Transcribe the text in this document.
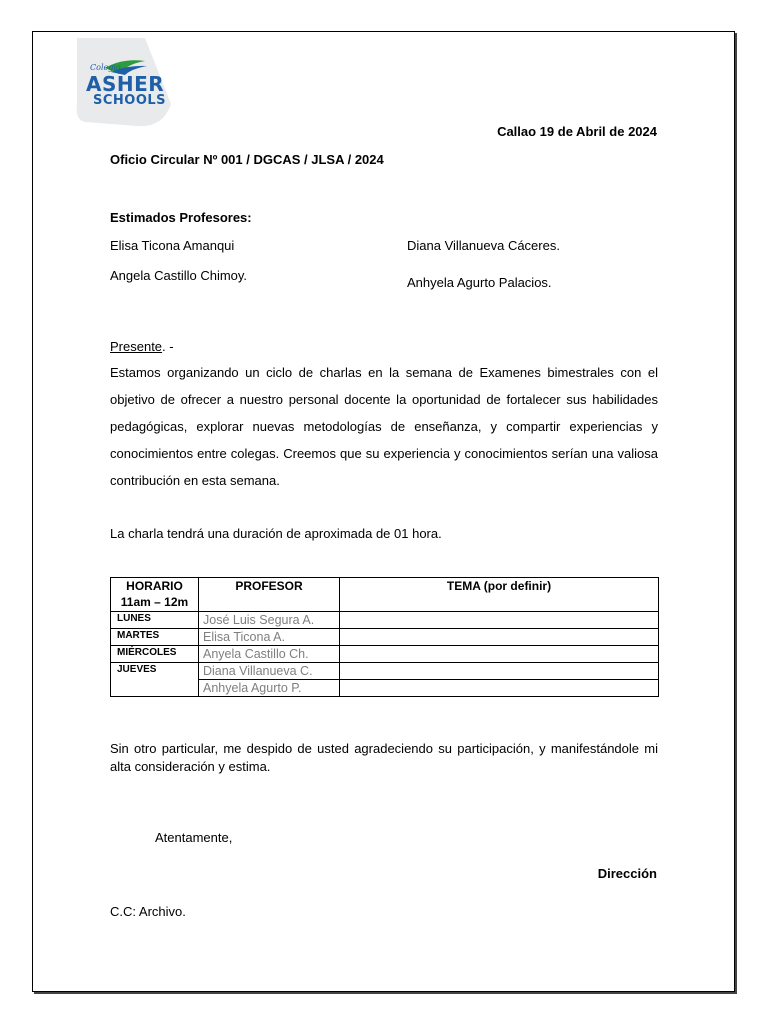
Colegio
ASHER
SCHOOLS
Callao 19 de Abril de 2024
Oficio Circular Nº 001 / DGCAS / JLSA / 2024
Estimados Profesores:
Elisa Ticona Amanqui
Angela Castillo Chimoy.
Diana Villanueva Cáceres.
Anhyela Agurto Palacios.
Presente. -
Estamos organizando un ciclo de charlas en la semana de Examenes bimestrales con el objetivo de ofrecer a nuestro personal docente la oportunidad de fortalecer sus habilidades pedagógicas, explorar nuevas metodologías de enseñanza, y compartir experiencias y conocimientos entre colegas. Creemos que su experiencia y conocimientos serían una valiosa contribución en esta semana.
La charla tendrá una duración de aproximada de 01 hora.
HORARIO
11am – 12m	PROFESOR	TEMA (por definir)
LUNES	José Luis Segura A.	
MARTES	Elisa Ticona A.	
MIÉRCOLES	Anyela Castillo Ch.	
JUEVES	Diana Villanueva C.	
	Anhyela Agurto P.	
Sin otro particular, me despido de usted agradeciendo su participación, y manifestándole mi alta consideración y estima.
Atentamente,
Dirección
C.C: Archivo.
